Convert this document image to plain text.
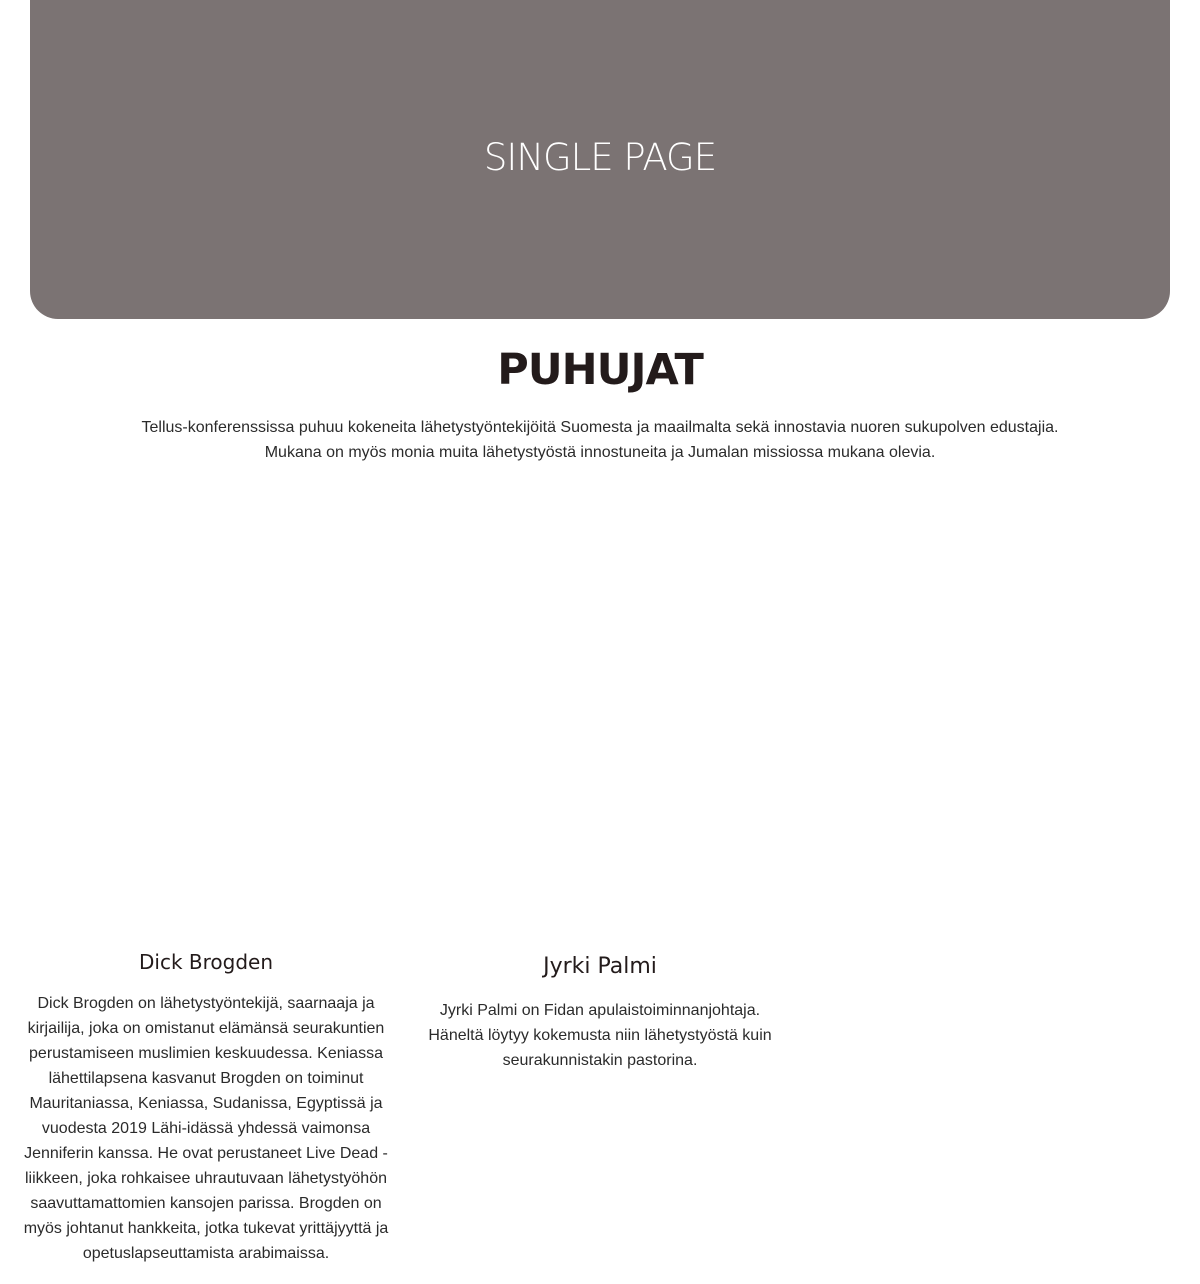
SINGLE PAGE
PUHUJAT

Tellus-konferenssissa puhuu kokeneita lähetystyöntekijöitä Suomesta ja maailmalta sekä innostavia nuoren sukupolven edustajia.

Mukana on myös monia muita lähetystyöstä innostuneita ja Jumalan missiossa mukana olevia.

Dick Brogden

Dick Brogden on lähetystyöntekijä, saarnaaja ja kirjailija, joka on omistanut elämänsä seurakuntien perustamiseen muslimien keskuudessa. Keniassa lähettilapsena kasvanut Brogden on toiminut Mauritaniassa, Keniassa, Sudanissa, Egyptissä ja vuodesta 2019 Lähi-idässä yhdessä vaimonsa Jenniferin kanssa. He ovat perustaneet Live Dead -liikkeen, joka rohkaisee uhrautuvaan lähetystyöhön saavuttamattomien kansojen parissa. Brogden on myös johtanut hankkeita, jotka tukevat yrittäjyyttä ja opetuslapseuttamista arabimaissa.

Jyrki Palmi

Jyrki Palmi on Fidan apulaistoiminnanjohtaja. Häneltä löytyy kokemusta niin lähetystyöstä kuin seurakunnistakin pastorina.
